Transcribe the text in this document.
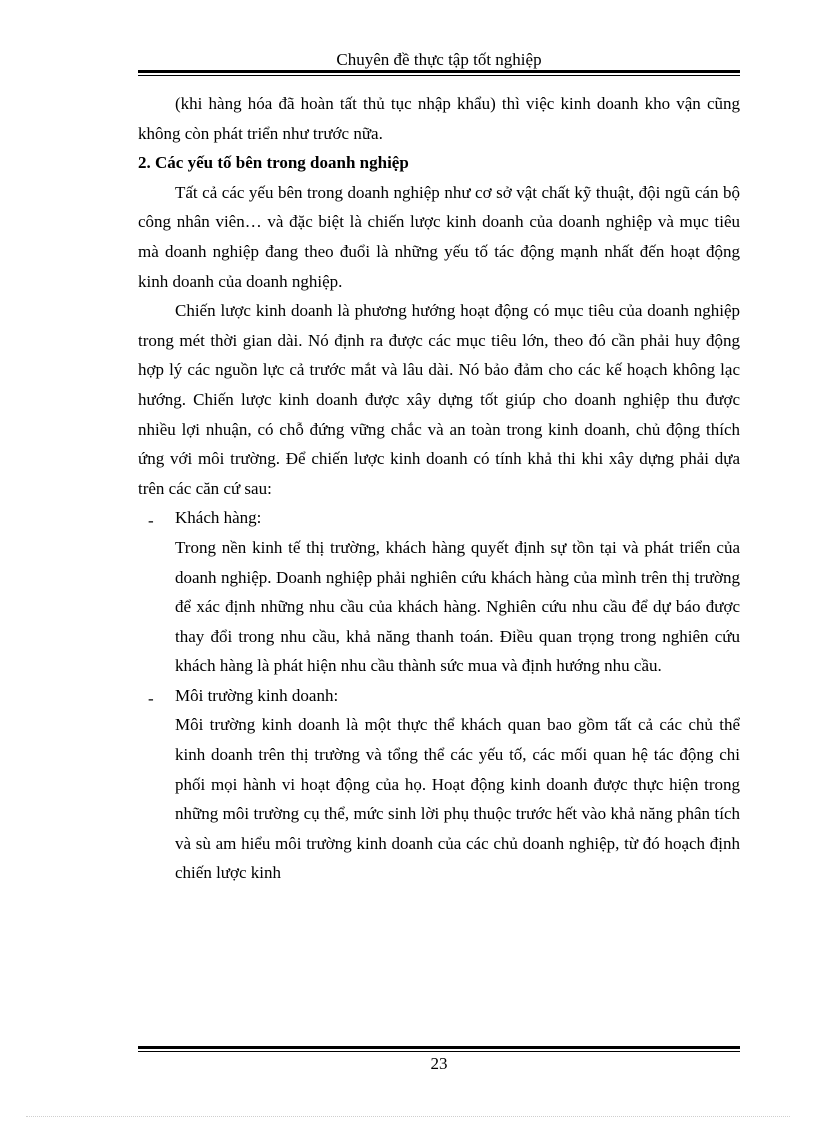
Chuyên đề thực tập tốt nghiệp

(khi hàng hóa đã hoàn tất thủ tục nhập khẩu) thì việc kinh doanh kho vận cũng không còn phát triển như trước nữa.

2. Các yếu tố bên trong doanh nghiệp

Tất cả các yếu bên trong doanh nghiệp như cơ sở vật chất kỹ thuật, đội ngũ cán bộ công nhân viên… và đặc biệt là chiến lược kinh doanh của doanh nghiệp và mục tiêu mà doanh nghiệp đang theo đuổi là những yếu tố tác động mạnh nhất đến hoạt động kinh doanh của doanh nghiệp.

Chiến lược kinh doanh là phương hướng hoạt động có mục tiêu của doanh nghiệp trong mét thời gian dài. Nó định ra được các mục tiêu lớn, theo đó cần phải huy động hợp lý các nguồn lực cả trước mắt và lâu dài. Nó bảo đảm cho các kế hoạch không lạc hướng. Chiến lược kinh doanh được xây dựng tốt giúp cho doanh nghiệp thu được nhiều lợi nhuận, có chỗ đứng vững chắc và an toàn trong kinh doanh, chủ động thích ứng với môi trường. Để chiến lược kinh doanh có tính khả thi khi xây dựng phải dựa trên các căn cứ sau:

- Khách hàng:

Trong nền kinh tế thị trường, khách hàng quyết định sự tồn tại và phát triển của doanh nghiệp. Doanh nghiệp phải nghiên cứu khách hàng của mình trên thị trường để xác định những nhu cầu của khách hàng. Nghiên cứu nhu cầu để dự báo được thay đổi trong nhu cầu, khả năng thanh toán. Điều quan trọng trong nghiên cứu khách hàng là phát hiện nhu cầu thành sức mua và định hướng nhu cầu.

- Môi trường kinh doanh:

Môi trường kinh doanh là một thực thể khách quan bao gồm tất cả các chủ thể kinh doanh trên thị trường và tổng thể các yếu tố, các mối quan hệ tác động chi phối mọi hành vi hoạt động của họ. Hoạt động kinh doanh được thực hiện trong những môi trường cụ thể, mức sinh lời phụ thuộc trước hết vào khả năng phân tích và sù am hiểu môi trường kinh doanh của các chủ doanh nghiệp, từ đó hoạch định chiến lược kinh

23
